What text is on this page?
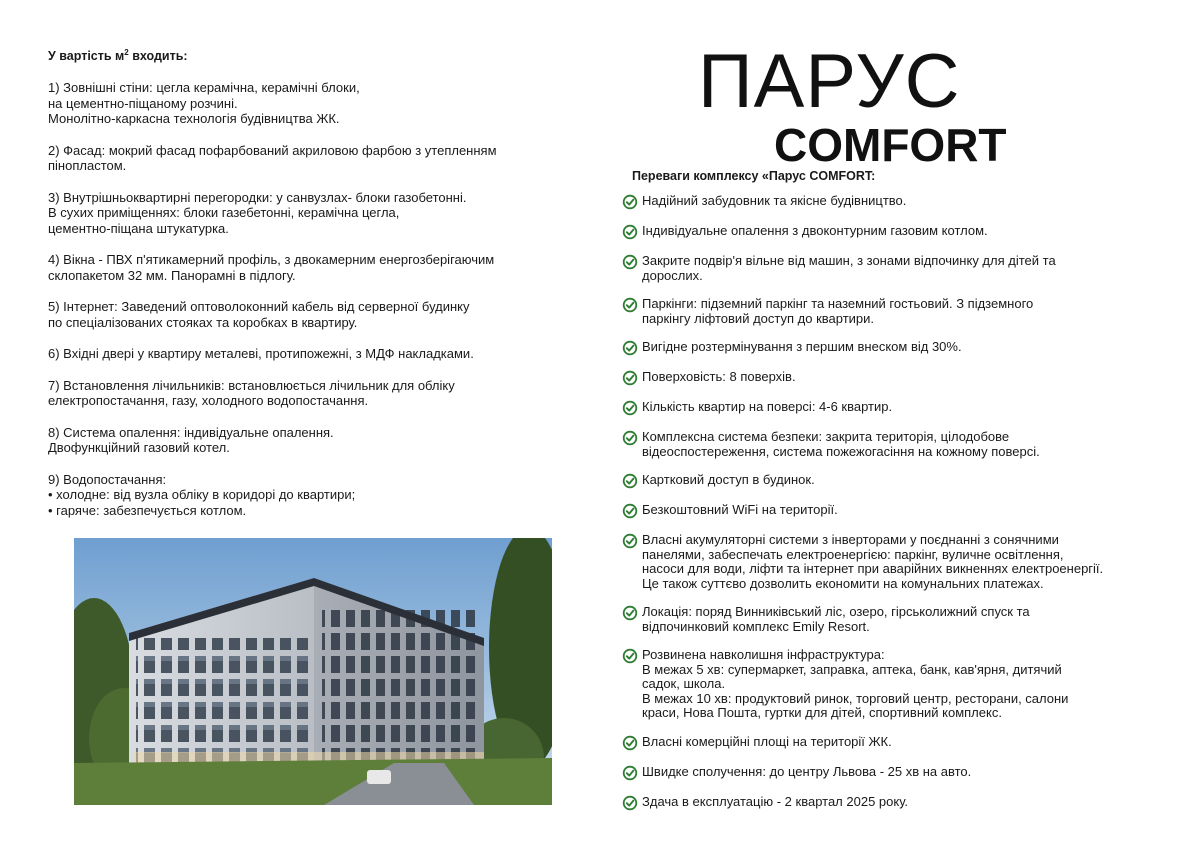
У вартість $м^2$ входить:
1) Зовнішні стіни: цегла керамічна, керамічні блоки,
на цементно-піщаному розчині.
Монолітно-каркасна технологія будівництва ЖК.
2) Фасад: мокрий фасад пофарбований акриловою фарбою з утепленням
пінопластом.
3) Внутрішньоквартирні перегородки: у санвузлах- блоки газобетонні.
В сухих приміщеннях: блоки газебетонні, керамічна цегла,
цементно-піщана штукатурка.
4) Вікна - ПВХ п'ятикамерний профіль, з двокамерним енергозберігаючим
склопакетом 32 мм. Панорамні в підлогу.
5) Інтернет: Заведений оптоволоконний кабель від серверної будинку
по спеціалізованих стояках та коробках в квартиру.
6) Вхідні двері у квартиру металеві, протипожежні, з МДФ накладками.
7) Встановлення лічильників: встановлюється лічильник для обліку
електропостачання, газу, холодного водопостачання.
8) Система опалення: індивідуальне опалення.
Двофункційний газовий котел.
9) Водопостачання:
• холодне: від вузла обліку в коридорі до квартири;
• гаряче: забезпечується котлом.
ПАРУС
COMFORT
Переваги комплексу «Парус COMFORT:
Надійний забудовник та якісне будівництво.
Індивідуальне опалення з двоконтурним газовим котлом.
Закрите подвір'я вільне від машин, з зонами відпочинку для дітей та
дорослих.
Паркінги: підземний паркінг та наземний гостьовий. З підземного
паркінгу ліфтовий доступ до квартири.
Вигідне розтермінування з першим внеском від 30%.
Поверховість: 8 поверхів.
Кількість квартир на поверсі: 4-6 квартир.
Комплексна система безпеки: закрита територія, цілодобове
відеоспостереження, система пожежогасіння на кожному поверсі.
Картковий доступ в будинок.
Безкоштовний WiFi на території.
Власні акумуляторні системи з інверторами у поєднанні з сонячними
панелями, забеспечать електроенергією: паркінг, вуличне освітлення,
насоси для води, ліфти та інтернет при аварійних викненнях електроенергії.
Це також суттєво дозволить економити на комунальних платежах.
Локація: поряд Винниківський ліс, озеро, гірськолижний спуск та
відпочинковий комплекс Emily Resort.
Розвинена навколишня інфраструктура:
В межах 5 хв: супермаркет, заправка, аптека, банк, кав'ярня, дитячий
садок, школа.
В межах 10 хв: продуктовий ринок, торговий центр, ресторани, салони
краси, Нова Пошта, гуртки для дітей, спортивний комплекс.
Власні комерційні площі на території ЖК.
Швидке сполучення: до центру Львова - 25 хв на авто.
Здача в експлуатацію - 2 квартал 2025 року.
